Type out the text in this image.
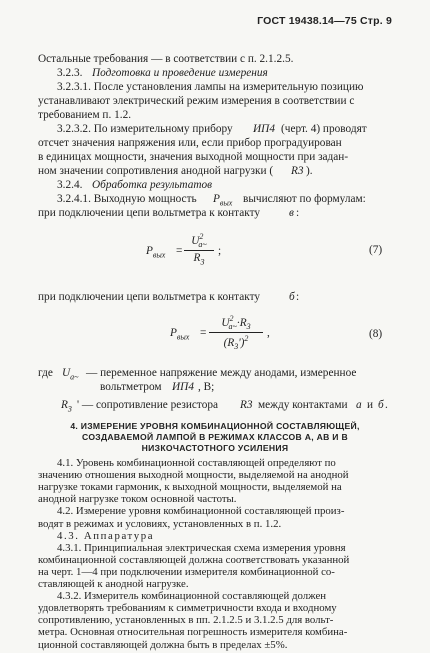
ГОСТ 19438.14—75 Стр. 9
Остальные требования — в соответствии с п. 2.1.2.5.
3.2.3. Подготовка и проведение измерения
3.2.3.1. После установления лампы на измерительную позицию
устанавливают электрический режим измерения в соответствии с
требованием п. 1.2.
3.2.3.2. По измерительному прибору ИП4 (черт. 4) проводят
отсчет значения напряжения или, если прибор проградуирован
в единицах мощности, значения выходной мощности при задан-
ном значении сопротивления анодной нагрузки ( R3 ).
3.2.4. Обработка результатов
3.2.4.1. Выходную мощность $P_{вых}$ вычисляют по формулам:
при подключении цепи вольтметра к контакту	в :
$P_{вых} = \frac{U^2_{a\sim}}{R_3}$ ;	(7)
при подключении цепи вольтметра к контакту	б :
$P_{вых} = \frac{U^2_{a\sim}\cdot R_3}{(R_3')^2}$ ,	(8)
где $U_{a\sim}$ — переменное напряжение между анодами, измеренное
вольтметром ИП4 , В;
$R_3$ ' — сопротивление резистора R3 между контактами а и б .
4. ИЗМЕРЕНИЕ УРОВНЯ КОМБИНАЦИОННОЙ СОСТАВЛЯЮЩЕЙ,
СОЗДАВАЕМОЙ ЛАМПОЙ В РЕЖИМАХ КЛАССОВ А, АВ И В
НИЗКОЧАСТОТНОГО УСИЛЕНИЯ
4.1. Уровень комбинационной составляющей определяют по
значению отношения выходной мощности, выделяемой на анодной
нагрузке токами гармоник, к выходной мощности, выделяемой на
анодной нагрузке током основной частоты.
4.2. Измерение уровня комбинационной составляющей произ-
водят в режимах и условиях, установленных в п. 1.2.
4.3. Аппаратура
4.3.1. Принципиальная электрическая схема измерения уровня
комбинационной составляющей должна соответствовать указанной
на черт. 1—4 при подключении измерителя комбинационной со-
ставляющей к анодной нагрузке.
4.3.2. Измеритель комбинационной составляющей должен
удовлетворять требованиям к симметричности входа и входному
сопротивлению, установленных в пп. 2.1.2.5 и 3.1.2.5 для вольт-
метра. Основная относительная погрешность измерителя комбина-
ционной составляющей должна быть в пределах ±5%.
